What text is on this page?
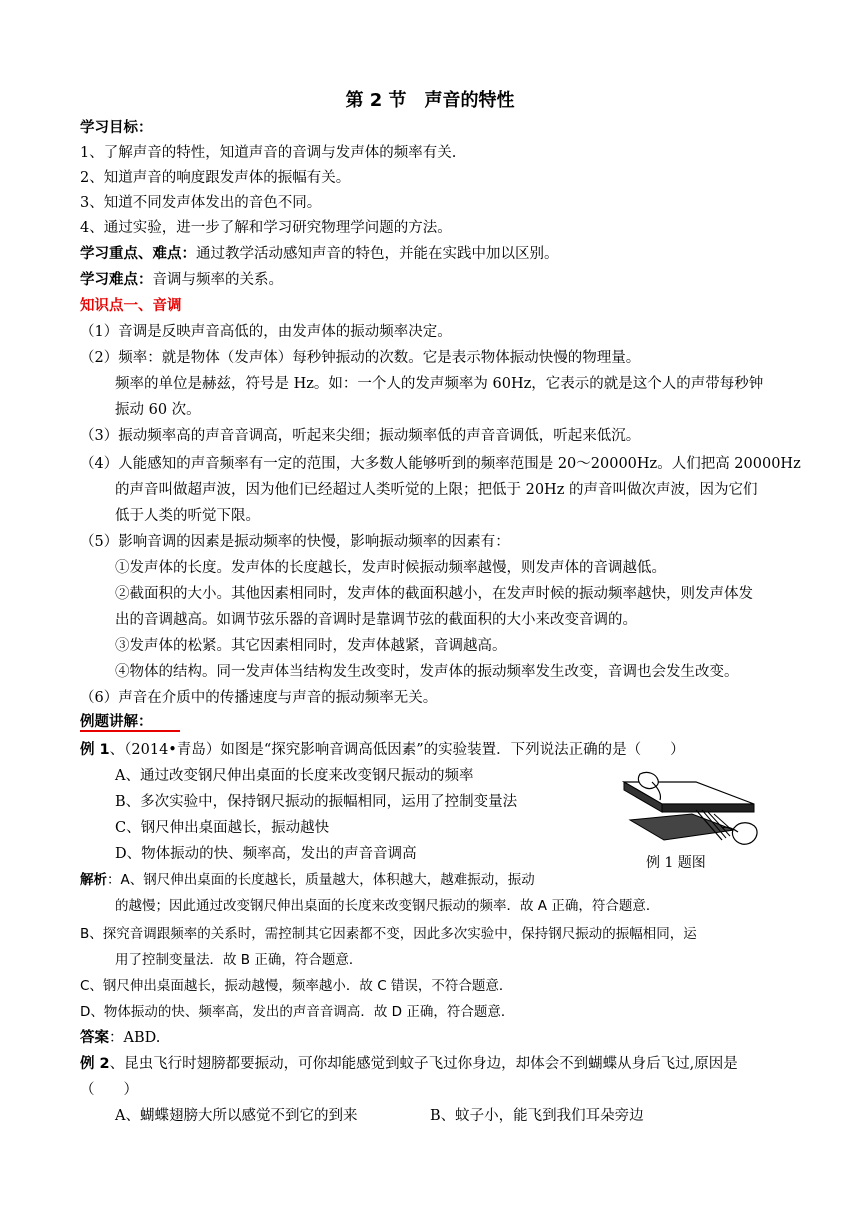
第 2 节　声音的特性
学习目标：
1、了解声音的特性，知道声音的音调与发声体的频率有关.
2、知道声音的响度跟发声体的振幅有关。
3、知道不同发声体发出的音色不同。
4、通过实验，进一步了解和学习研究物理学问题的方法。
学习重点、难点：通过教学活动感知声音的特色，并能在实践中加以区别。
学习难点：音调与频率的关系。
知识点一、音调
（1）音调是反映声音高低的，由发声体的振动频率决定。
（2）频率：就是物体（发声体）每秒钟振动的次数。它是表示物体振动快慢的物理量。
频率的单位是赫兹，符号是 Hz。如：一个人的发声频率为 60Hz，它表示的就是这个人的声带每秒钟
振动 60 次。
（3）振动频率高的声音音调高，听起来尖细；振动频率低的声音音调低，听起来低沉。
（4）人能感知的声音频率有一定的范围，大多数人能够听到的频率范围是 20～20000Hz。人们把高 20000Hz
的声音叫做超声波，因为他们已经超过人类听觉的上限；把低于 20Hz 的声音叫做次声波，因为它们
低于人类的听觉下限。
（5）影响音调的因素是振动频率的快慢，影响振动频率的因素有：
①发声体的长度。发声体的长度越长，发声时候振动频率越慢，则发声体的音调越低。
②截面积的大小。其他因素相同时，发声体的截面积越小，在发声时候的振动频率越快，则发声体发
出的音调越高。如调节弦乐器的音调时是靠调节弦的截面积的大小来改变音调的。
③发声体的松紧。其它因素相同时，发声体越紧，音调越高。
④物体的结构。同一发声体当结构发生改变时，发声体的振动频率发生改变，音调也会发生改变。
（6）声音在介质中的传播速度与声音的振动频率无关。
例题讲解：
例 1、（2014•青岛）如图是“探究影响音调高低因素”的实验装置．下列说法正确的是（　　）
A、通过改变钢尺伸出桌面的长度来改变钢尺振动的频率
B、多次实验中，保持钢尺振动的振幅相同，运用了控制变量法
C、钢尺伸出桌面越长，振动越快
D、物体振动的快、频率高，发出的声音音调高
例 1 题图
解析：A、钢尺伸出桌面的长度越长，质量越大，体积越大，越难振动，振动
的越慢；因此通过改变钢尺伸出桌面的长度来改变钢尺振动的频率．故 A 正确，符合题意．
B、探究音调跟频率的关系时，需控制其它因素都不变，因此多次实验中，保持钢尺振动的振幅相同，运
用了控制变量法．故 B 正确，符合题意．
C、钢尺伸出桌面越长，振动越慢，频率越小．故 C 错误，不符合题意．
D、物体振动的快、频率高，发出的声音音调高．故 D 正确，符合题意．
答案：ABD.
例 2、昆虫飞行时翅膀都要振动，可你却能感觉到蚊子飞过你身边，却体会不到蝴蝶从身后飞过,原因是
（　　）
A、蝴蝶翅膀大所以感觉不到它的到来	B、蚊子小，能飞到我们耳朵旁边
